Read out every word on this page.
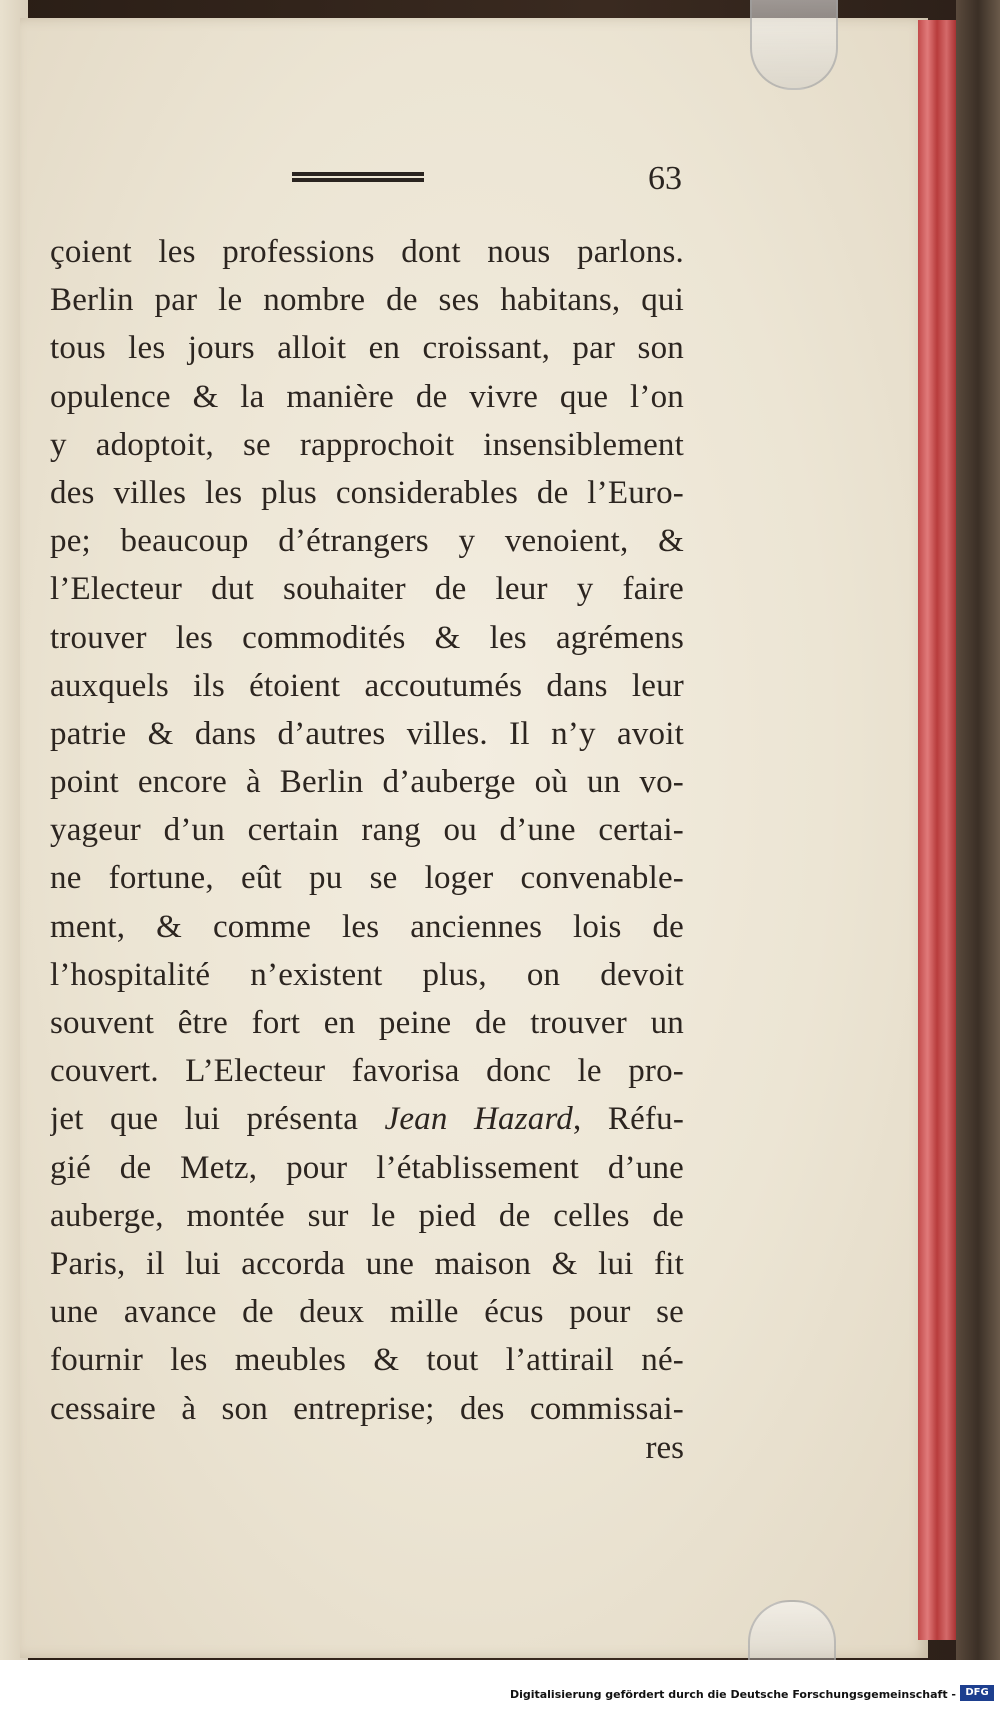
63
çoient les professions dont nous parlons.
Berlin par le nombre de ses habitans, qui
tous les jours alloit en croissant, par son
opulence & la manière de vivre que l’on
y adoptoit, se rapprochoit insensiblement
des villes les plus considerables de l’Euro-
pe; beaucoup d’étrangers y venoient, &
l’Electeur dut souhaiter de leur y faire
trouver les commodités & les agrémens
auxquels ils étoient accoutumés dans leur
patrie & dans d’autres villes. Il n’y avoit
point encore à Berlin d’auberge où un vo-
yageur d’un certain rang ou d’une certai-
ne fortune, eût pu se loger convenable-
ment, & comme les anciennes lois de
l’hospitalité n’existent plus, on devoit
souvent être fort en peine de trouver un
couvert. L’Electeur favorisa donc le pro-
jet que lui présenta Jean Hazard, Réfu-
gié de Metz, pour l’établissement d’une
auberge, montée sur le pied de celles de
Paris, il lui accorda une maison & lui fit
une avance de deux mille écus pour se
fournir les meubles & tout l’attirail né-
cessaire à son entreprise; des commissai-
res
Digitalisierung gefördert durch die Deutsche Forschungsgemeinschaft - DFG
